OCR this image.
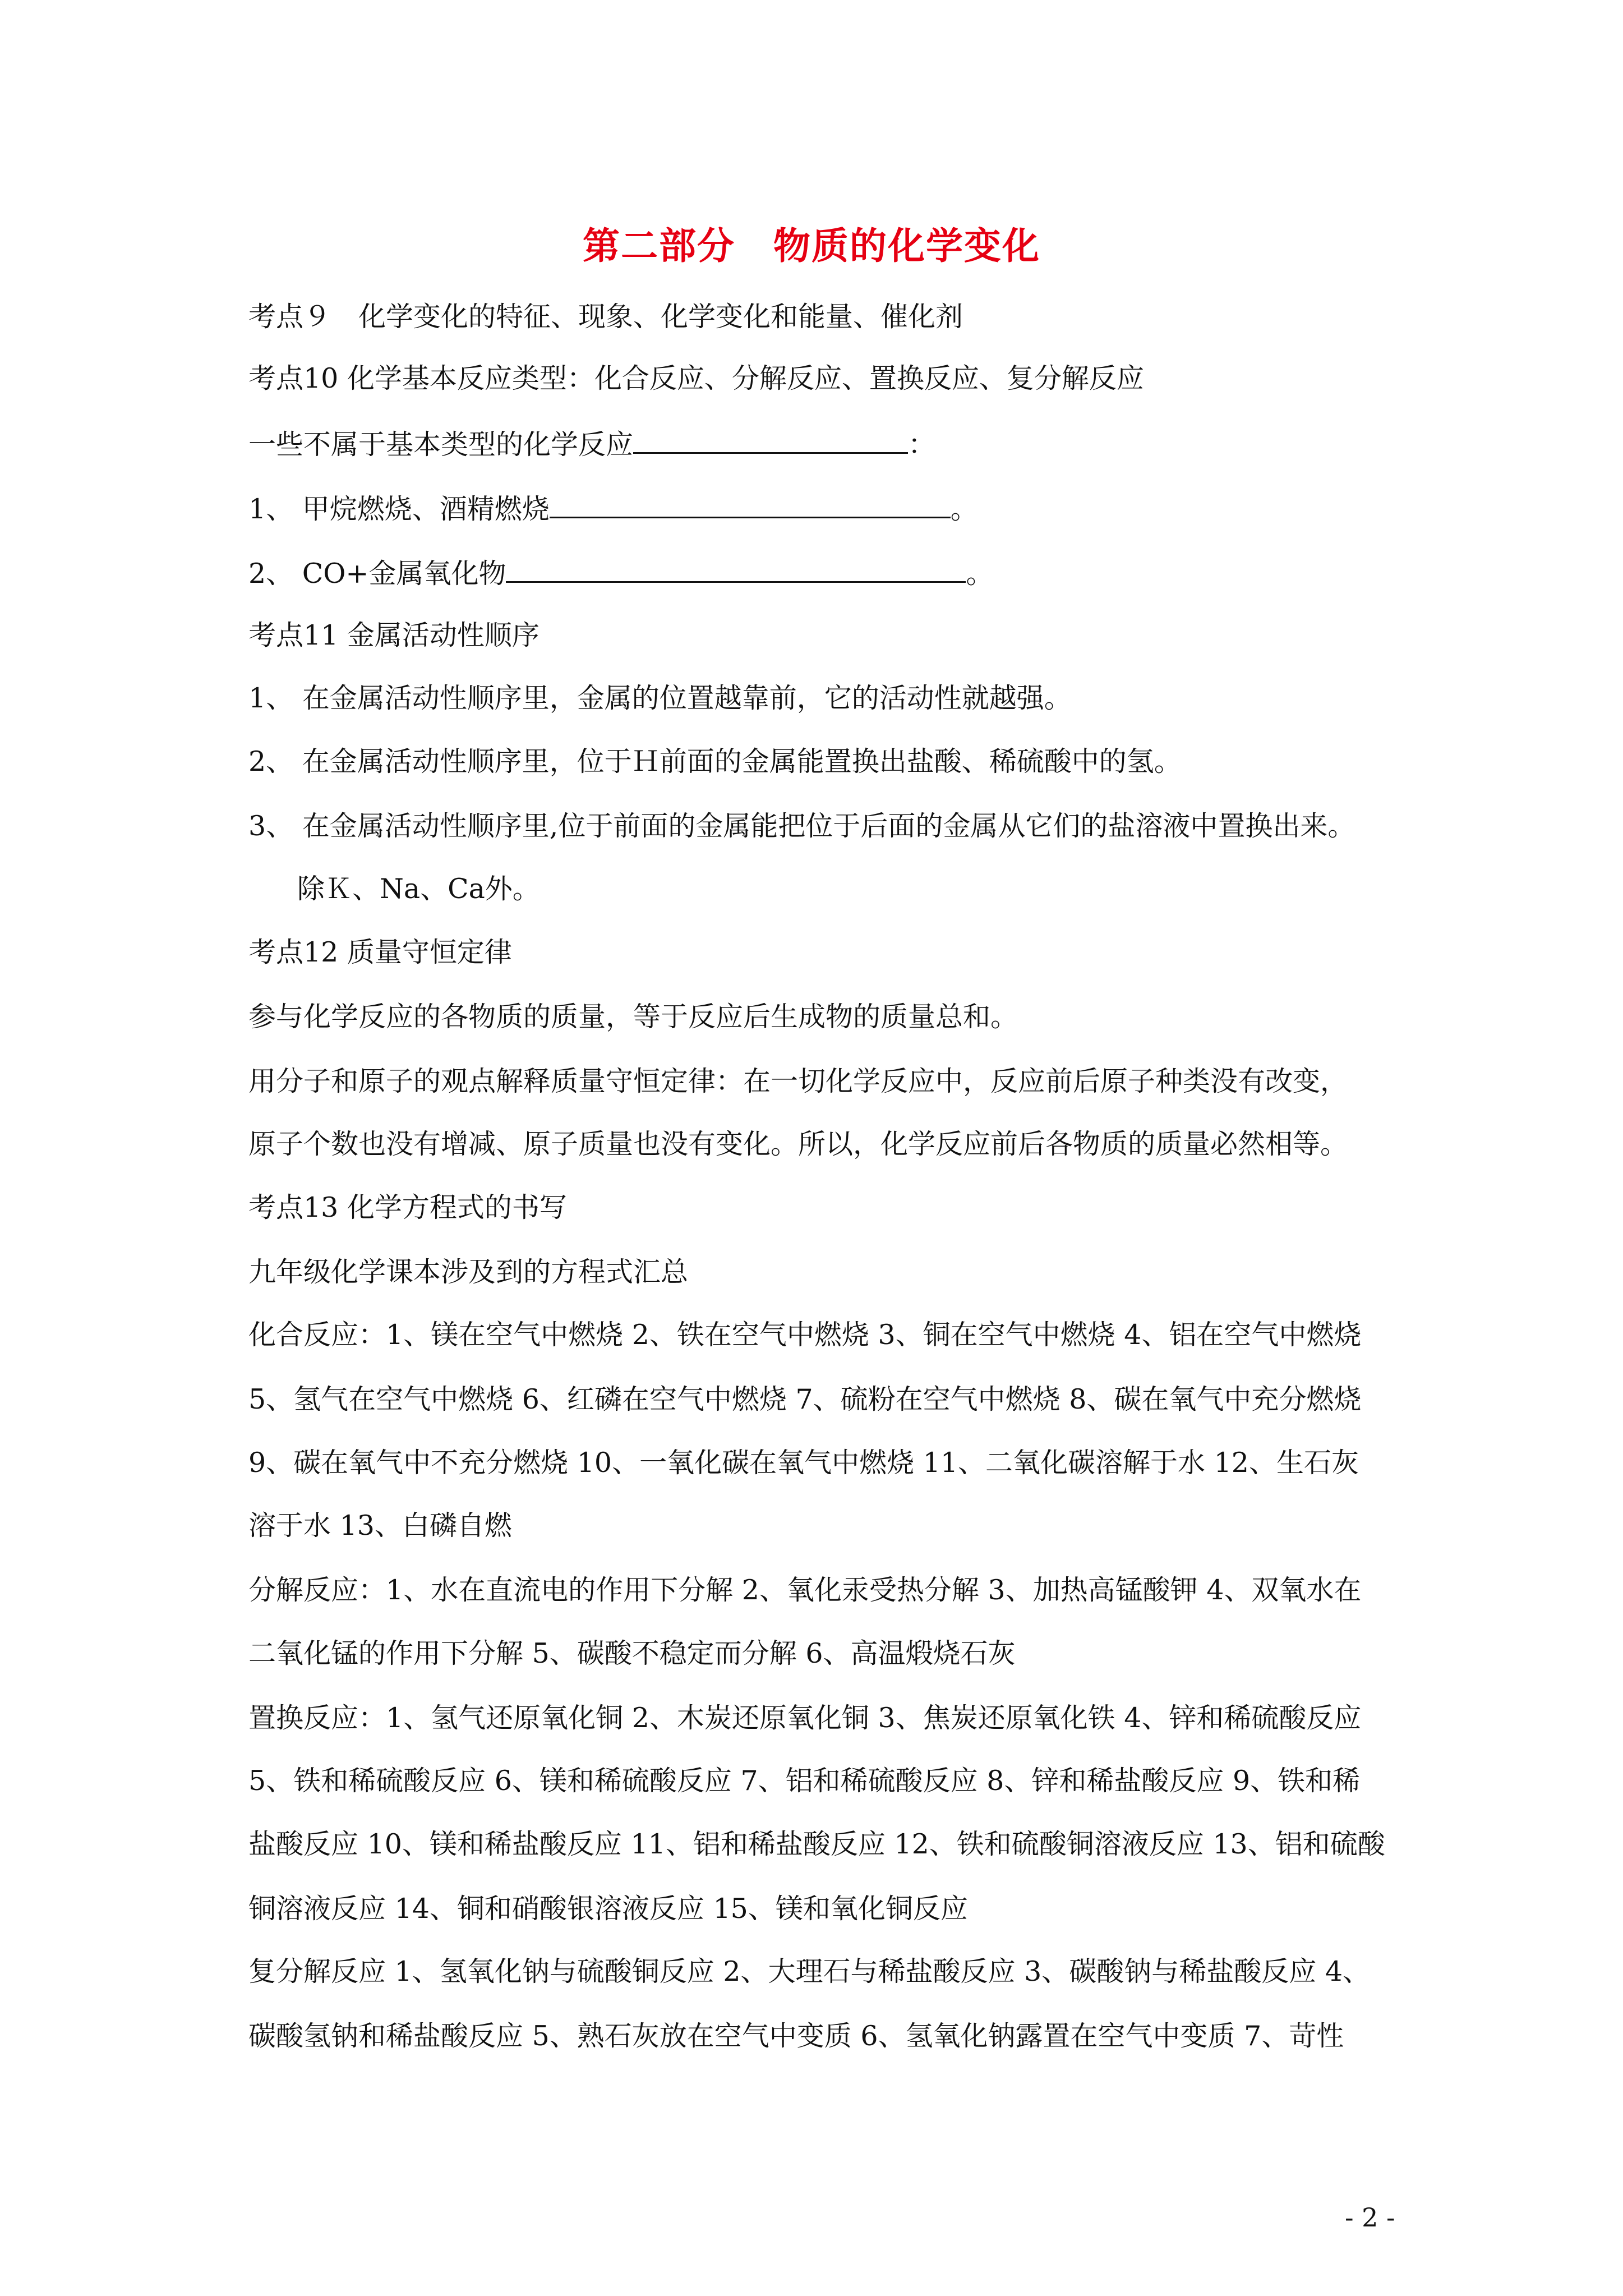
第二部分　物质的化学变化
考点９　化学变化的特征、现象、化学变化和能量、催化剂
考点10 化学基本反应类型：化合反应、分解反应、置换反应、复分解反应
一些不属于基本类型的化学反应	：
1、 甲烷燃烧、酒精燃烧	。
2、 CO+金属氧化物	。
考点11 金属活动性顺序
1、 在金属活动性顺序里，金属的位置越靠前，它的活动性就越强。
2、 在金属活动性顺序里，位于Ｈ前面的金属能置换出盐酸、稀硫酸中的氢。
3、 在金属活动性顺序里,位于前面的金属能把位于后面的金属从它们的盐溶液中置换出来。
除Ｋ、Na、Ca外。
考点12 质量守恒定律
参与化学反应的各物质的质量，等于反应后生成物的质量总和。
用分子和原子的观点解释质量守恒定律：在一切化学反应中，反应前后原子种类没有改变，
原子个数也没有增减、原子质量也没有变化。所以，化学反应前后各物质的质量必然相等。
考点13 化学方程式的书写
九年级化学课本涉及到的方程式汇总
化合反应：1、镁在空气中燃烧 2、铁在空气中燃烧 3、铜在空气中燃烧 4、铝在空气中燃烧
5、氢气在空气中燃烧 6、红磷在空气中燃烧 7、硫粉在空气中燃烧 8、碳在氧气中充分燃烧
9、碳在氧气中不充分燃烧 10、一氧化碳在氧气中燃烧 11、二氧化碳溶解于水 12、生石灰
溶于水 13、白磷自燃
分解反应：1、水在直流电的作用下分解 2、氧化汞受热分解 3、加热高锰酸钾 4、双氧水在
二氧化锰的作用下分解 5、碳酸不稳定而分解 6、高温煅烧石灰
置换反应：1、氢气还原氧化铜 2、木炭还原氧化铜 3、焦炭还原氧化铁 4、锌和稀硫酸反应
5、铁和稀硫酸反应 6、镁和稀硫酸反应 7、铝和稀硫酸反应 8、锌和稀盐酸反应 9、铁和稀
盐酸反应 10、镁和稀盐酸反应 11、铝和稀盐酸反应 12、铁和硫酸铜溶液反应 13、铝和硫酸
铜溶液反应 14、铜和硝酸银溶液反应 15、镁和氧化铜反应
复分解反应 1、氢氧化钠与硫酸铜反应 2、大理石与稀盐酸反应 3、碳酸钠与稀盐酸反应 4、
碳酸氢钠和稀盐酸反应 5、熟石灰放在空气中变质 6、氢氧化钠露置在空气中变质 7、苛性
- 2 -
